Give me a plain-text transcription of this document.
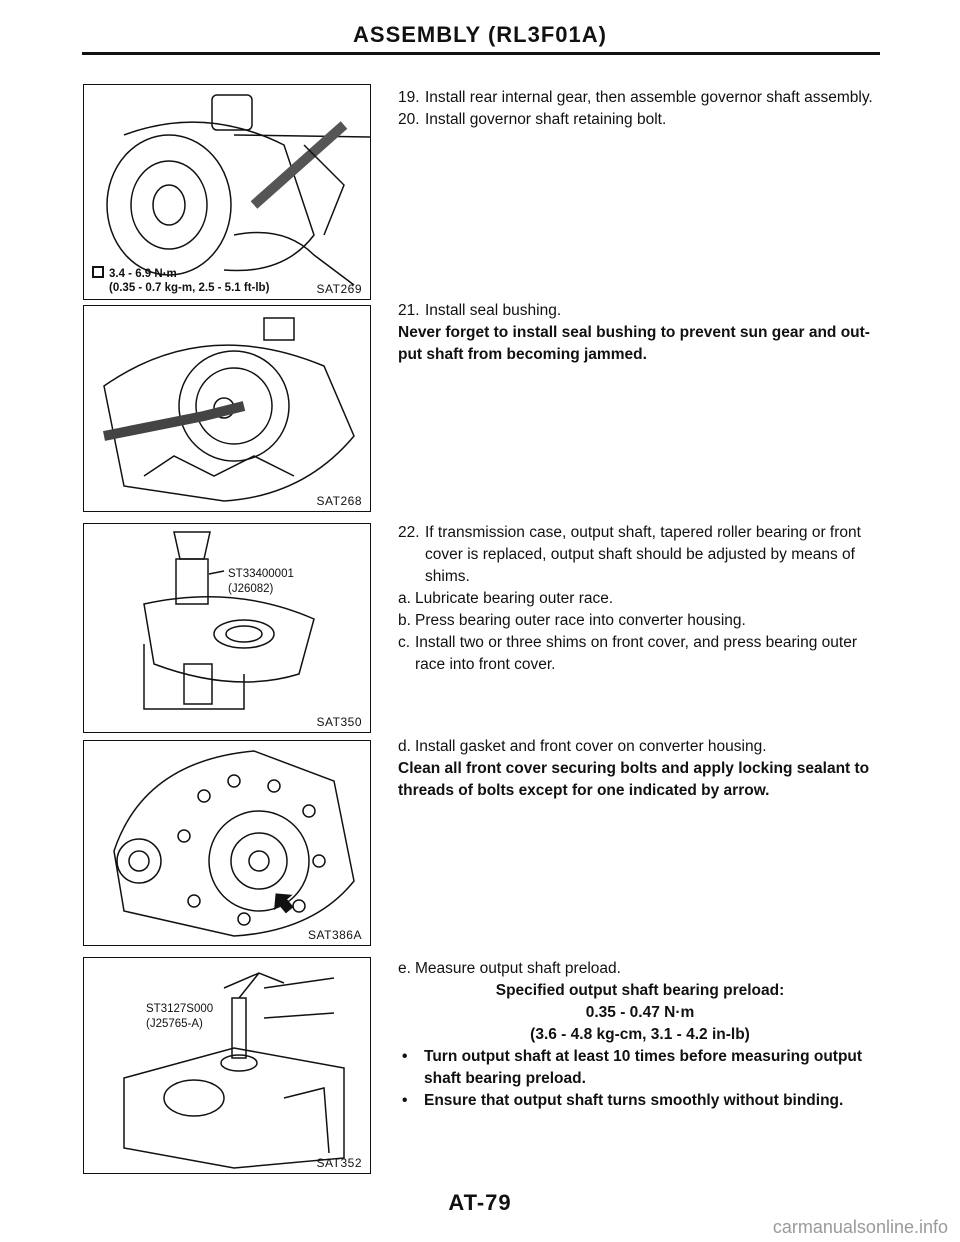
ASSEMBLY (RL3F01A)
3.4 - 6.9 N·m
(0.35 - 0.7 kg-m, 2.5 - 5.1 ft-lb)	SAT269
SAT268
ST33400001
(J26082)
SAT350
SAT386A
ST3127S000
(J25765-A)
SAT352

19. Install rear internal gear, then assemble governor shaft assembly.

20. Install governor shaft retaining bolt.

21. Install seal bushing.

Never forget to install seal bushing to prevent sun gear and out-put shaft from becoming jammed.

22. If transmission case, output shaft, tapered roller bearing or front cover is replaced, output shaft should be adjusted by means of shims.

a. Lubricate bearing outer race.

b. Press bearing outer race into converter housing.

c. Install two or three shims on front cover, and press bearing outer race into front cover.

d. Install gasket and front cover on converter housing.

Clean all front cover securing bolts and apply locking sealant to threads of bolts except for one indicated by arrow.

e. Measure output shaft preload.

Specified output shaft bearing preload:

0.35 - 0.47 N·m

(3.6 - 4.8 kg-cm, 3.1 - 4.2 in-lb)

• Turn output shaft at least 10 times before measuring output shaft bearing preload.

• Ensure that output shaft turns smoothly without binding.

AT-79
carmanualsonline.info
